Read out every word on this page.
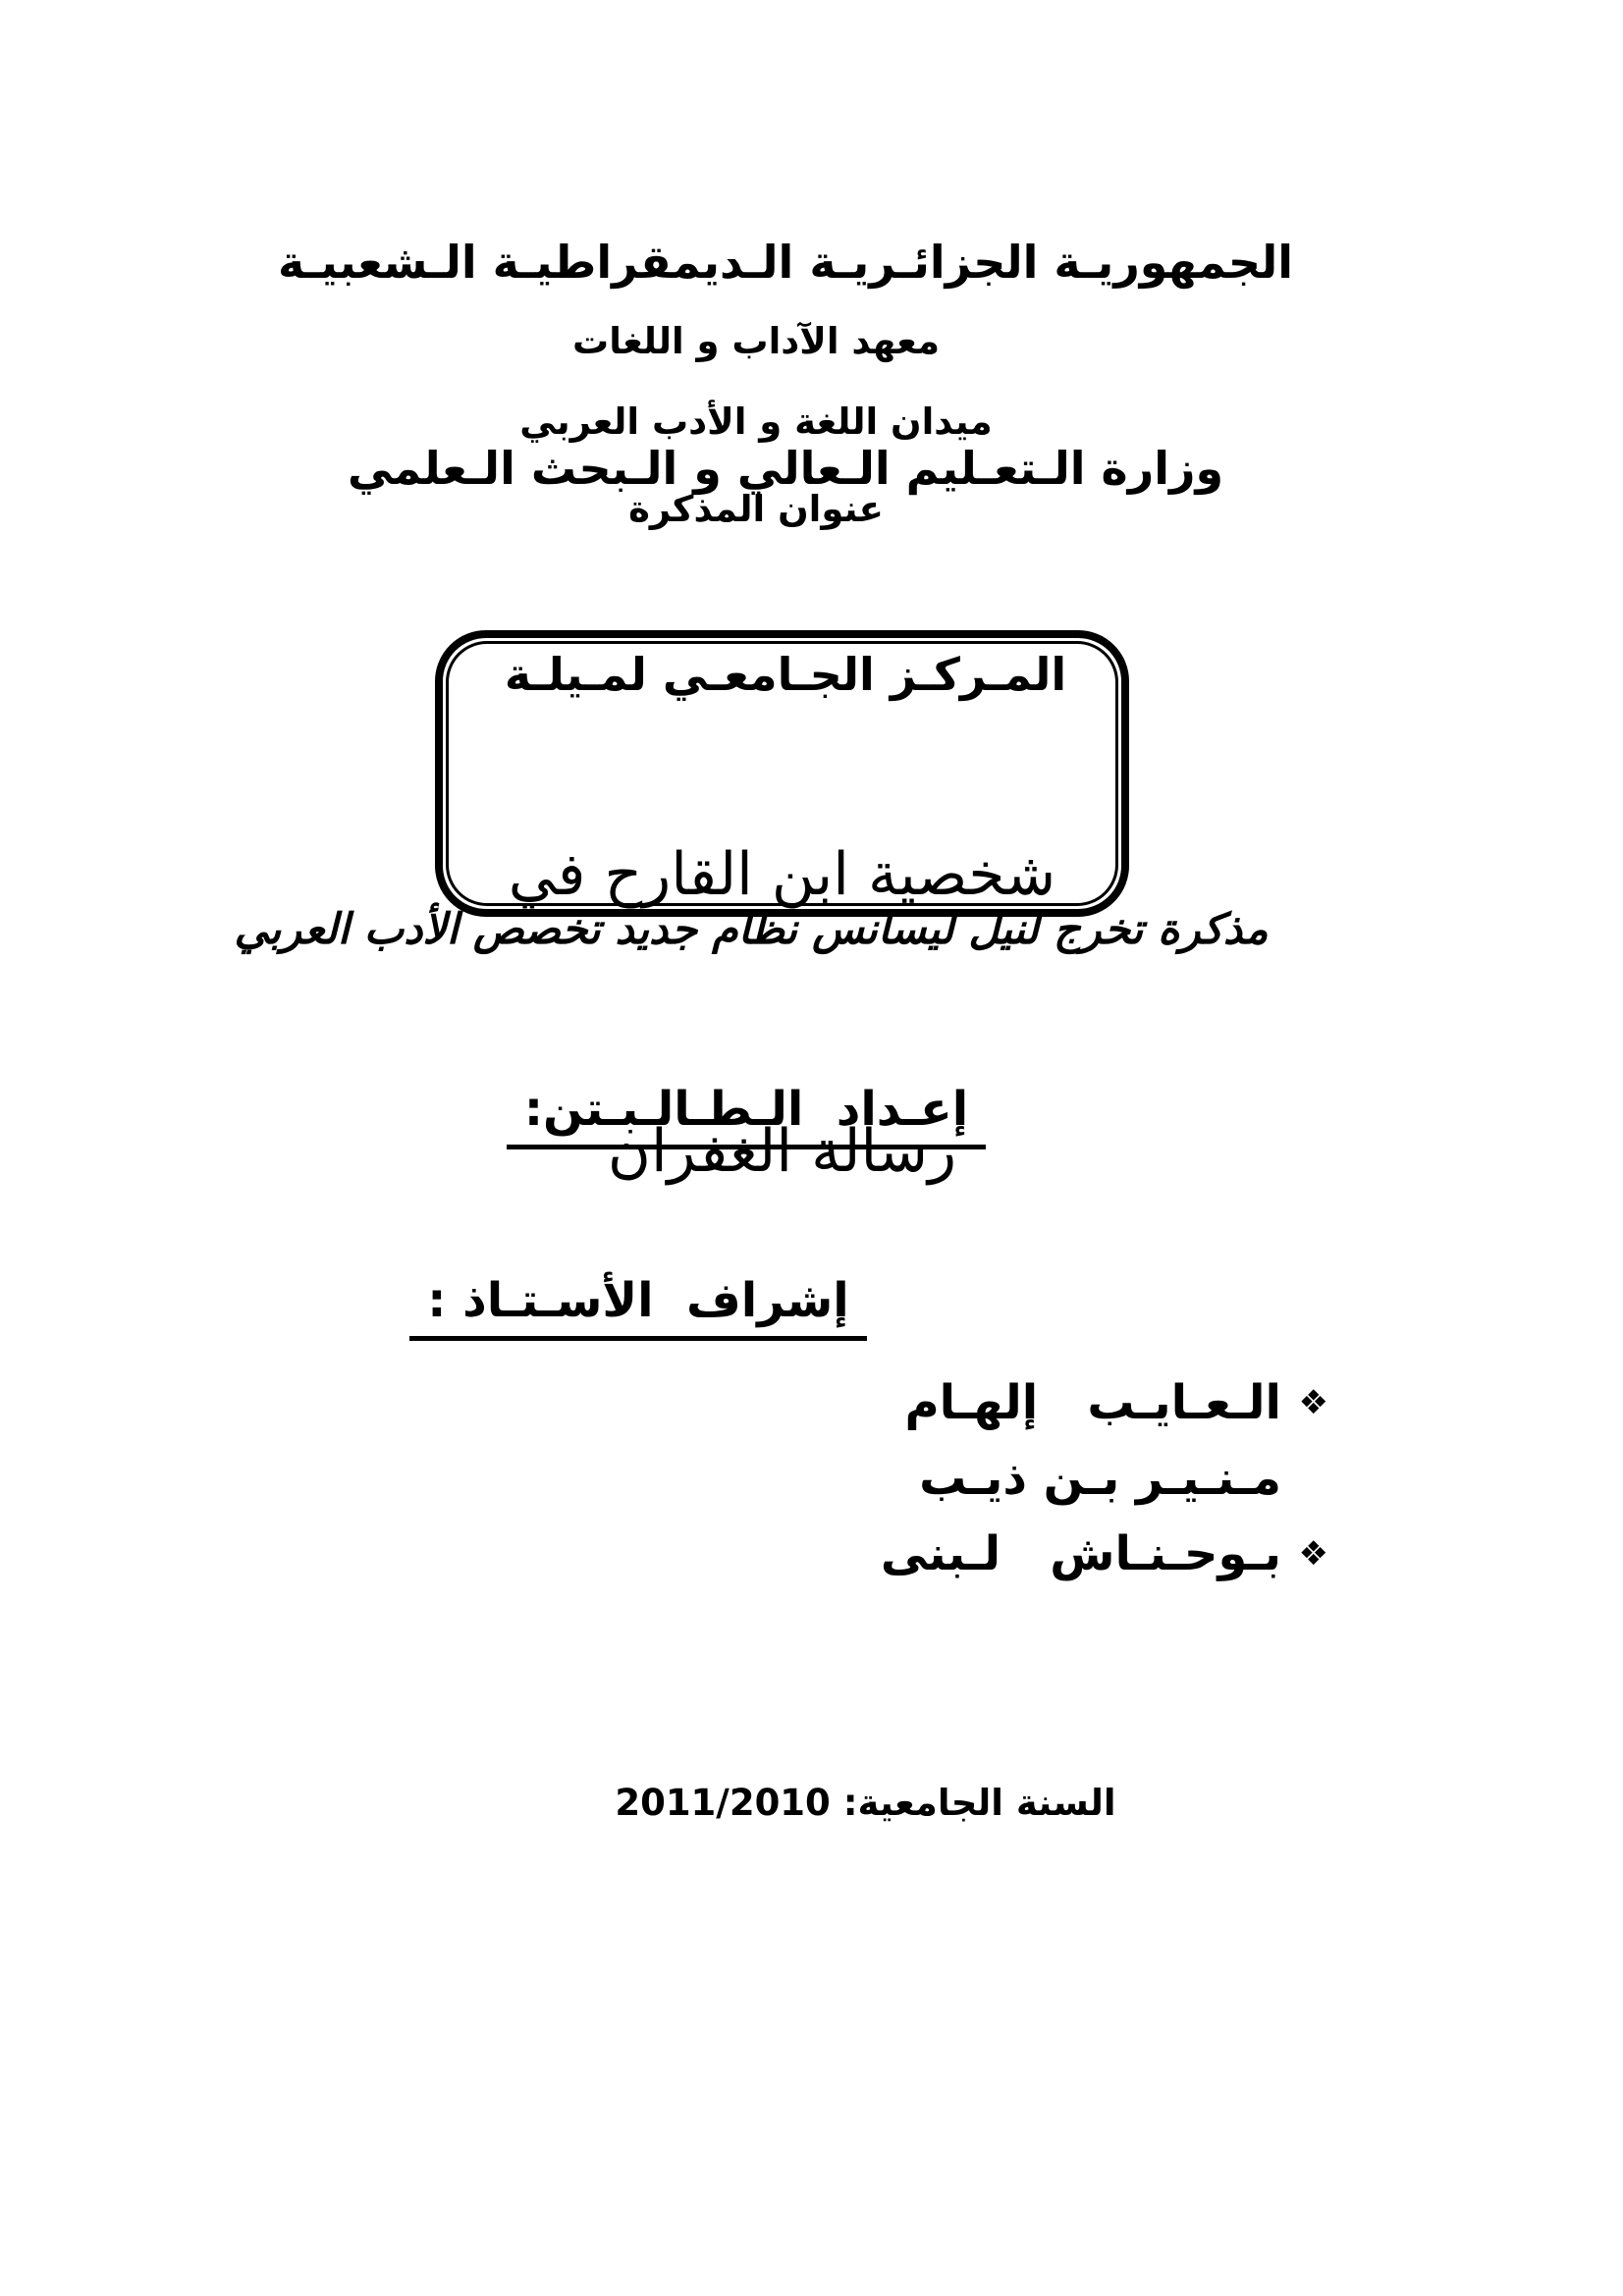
الجمهوريـة الجزائـريـة الـديمقراطيـة الـشعبيـة

وزارة الـتعـليم الـعالي و الـبحث الـعلمي

المـركـز الجـامعـي لمـيلـة

معهد الآداب و اللغات
ميدان اللغة و الأدب العربي
عنوان المذكرة

شخصية ابن القارح في

رسالة الغفران

مذكرة تخرج لنيل ليسانس نظام جديد تخصص الأدب العربي
إعـداد  الـطـالـبـتن:
إشراف  الأسـتـاذ :
❖
الـعـايـب   إلهـام
مـنـيـر بـن ذيـب
❖
بـوحـنـاش   لـبنى

السنة الجامعية: 2011/2010
